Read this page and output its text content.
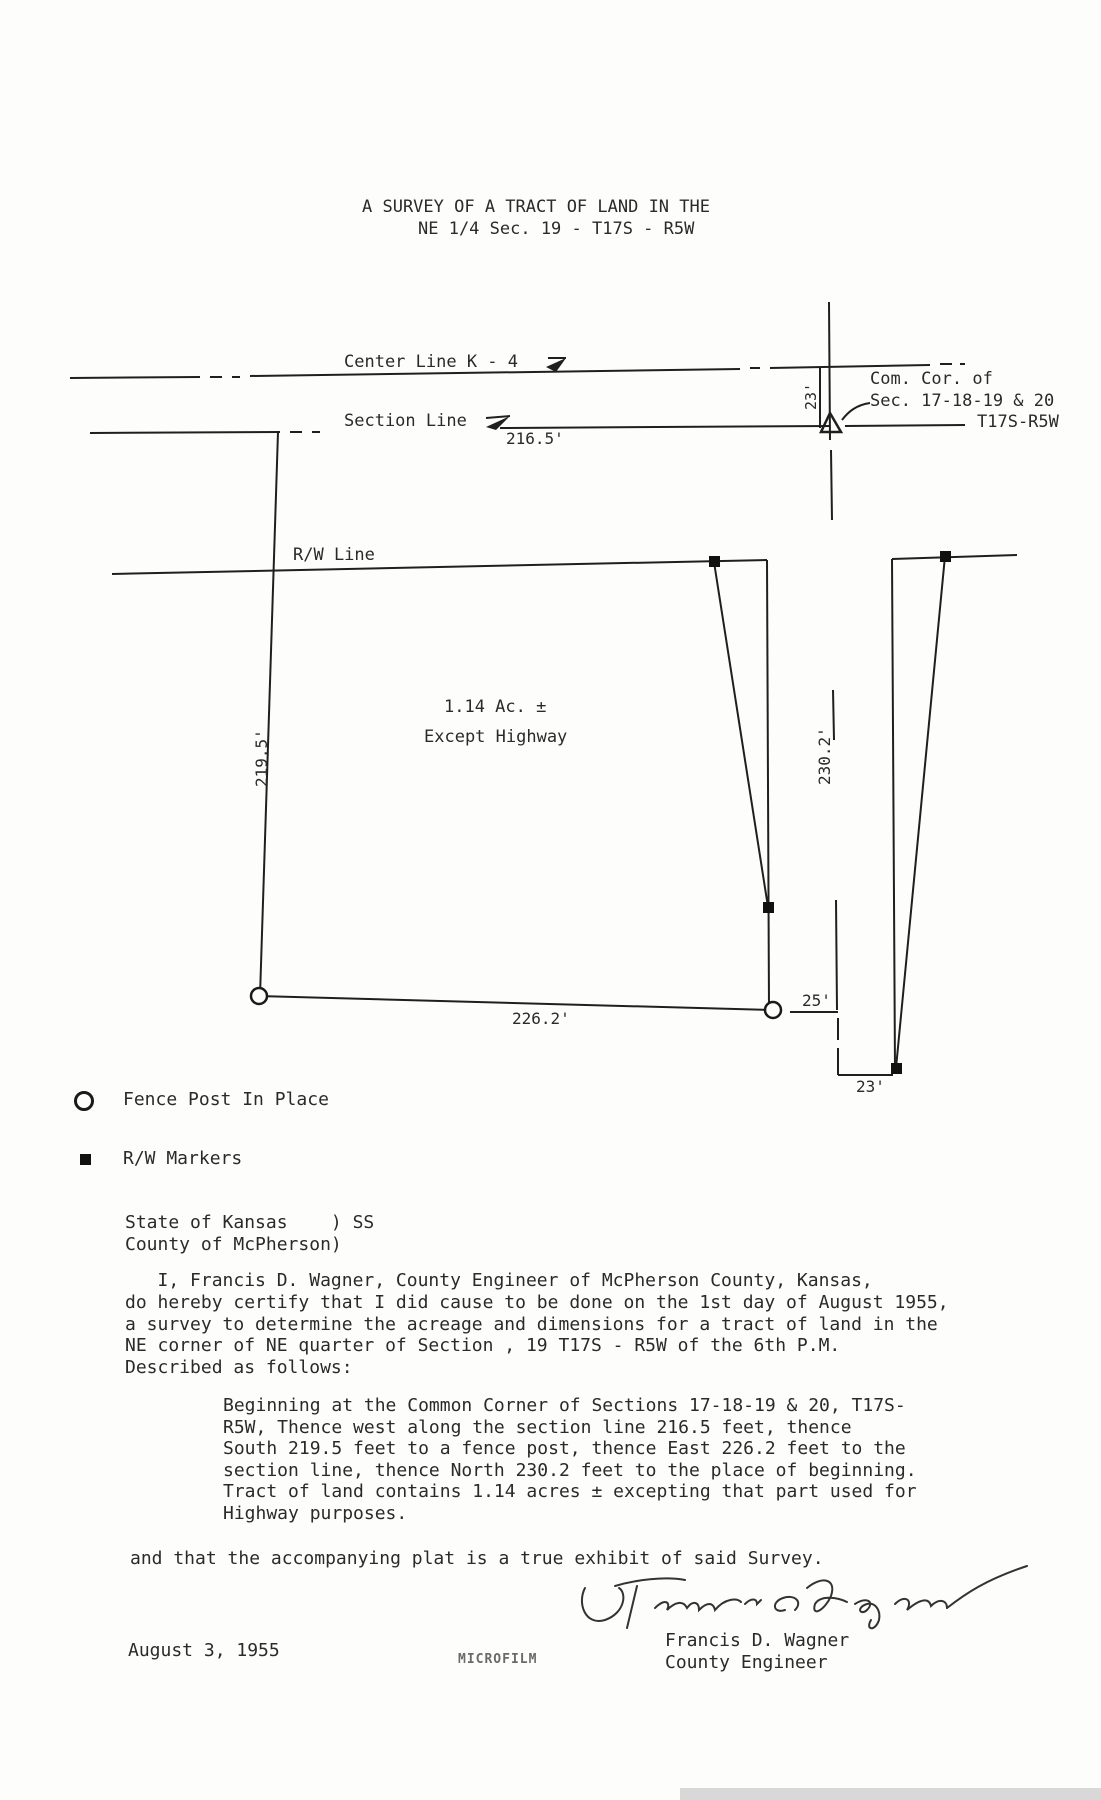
A SURVEY OF A TRACT OF LAND IN THE
NE 1/4 Sec. 19 - T17S - R5W
Center Line K - 4
Section Line
216.5'
Com. Cor. of
Sec. 17-18-19 & 20
T17S-R5W
23'
R/W Line
1.14 Ac. ±
Except Highway
219.5'	230.2'
226.2'
25'
23'
Fence Post In Place
R/W Markers
State of Kansas    ) SS
County of McPherson)
I, Francis D. Wagner, County Engineer of McPherson County, Kansas,
do hereby certify that I did cause to be done on the 1st day of August 1955,
a survey to determine the acreage and dimensions for a tract of land in the
NE corner of NE quarter of Section , 19 T17S - R5W of the 6th P.M.
Described as follows:
Beginning at the Common Corner of Sections 17-18-19 & 20, T17S-
R5W, Thence west along the section line 216.5 feet, thence
South 219.5 feet to a fence post, thence East 226.2 feet to the
section line, thence North 230.2 feet to the place of beginning.
Tract of land contains 1.14 acres ± excepting that part used for
Highway purposes.
and that the accompanying plat is a true exhibit of said Survey.
August 3, 1955	Francis D. Wagner
County Engineer
MICROFILM
